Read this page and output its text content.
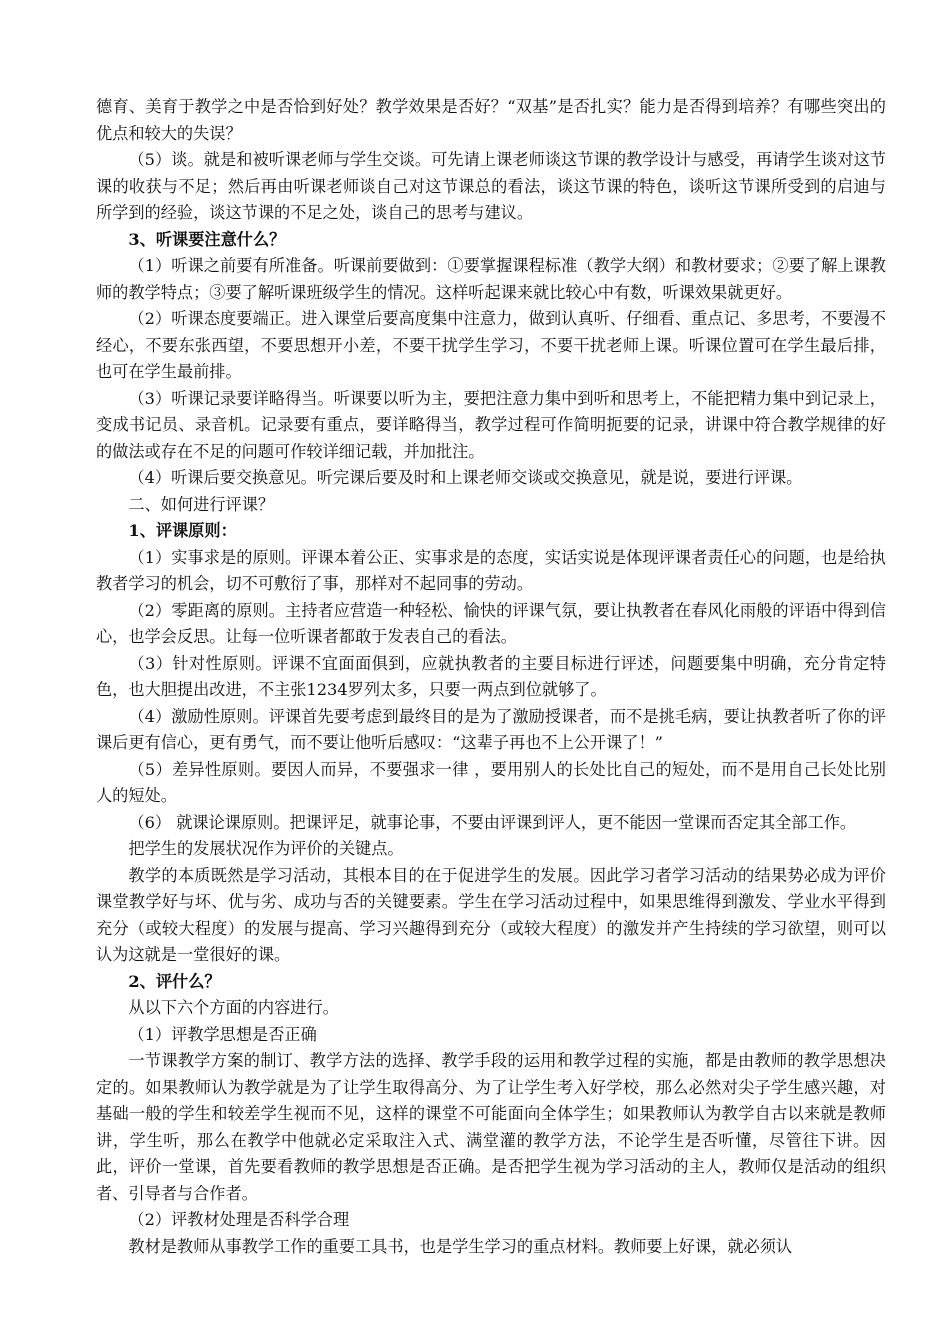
德育、美育于教学之中是否恰到好处？教学效果是否好？“双基”是否扎实？能力是否得到培养？有哪些突出的优点和较大的失误？

（5）谈。就是和被听课老师与学生交谈。可先请上课老师谈这节课的教学设计与感受，再请学生谈对这节课的收获与不足；然后再由听课老师谈自己对这节课总的看法，谈这节课的特色，谈听这节课所受到的启迪与所学到的经验，谈这节课的不足之处，谈自己的思考与建议。

3、听课要注意什么？

（1）听课之前要有所准备。听课前要做到：①要掌握课程标准（教学大纲）和教材要求；②要了解上课教师的教学特点；③要了解听课班级学生的情况。这样听起课来就比较心中有数，听课效果就更好。

（2）听课态度要端正。进入课堂后要高度集中注意力，做到认真听、仔细看、重点记、多思考，不要漫不经心，不要东张西望，不要思想开小差，不要干扰学生学习，不要干扰老师上课。听课位置可在学生最后排，也可在学生最前排。

（3）听课记录要详略得当。听课要以听为主，要把注意力集中到听和思考上，不能把精力集中到记录上，变成书记员、录音机。记录要有重点，要详略得当，教学过程可作简明扼要的记录，讲课中符合教学规律的好的做法或存在不足的问题可作较详细记载，并加批注。

（4）听课后要交换意见。听完课后要及时和上课老师交谈或交换意见，就是说，要进行评课。

二、如何进行评课？

1、评课原则：

（1）实事求是的原则。评课本着公正、实事求是的态度，实话实说是体现评课者责任心的问题，也是给执教者学习的机会，切不可敷衍了事，那样对不起同事的劳动。

（2）零距离的原则。主持者应营造一种轻松、愉快的评课气氛，要让执教者在春风化雨般的评语中得到信心，也学会反思。让每一位听课者都敢于发表自己的看法。

（3）针对性原则。评课不宜面面俱到，应就执教者的主要目标进行评述，问题要集中明确，充分肯定特色，也大胆提出改进，不主张1234罗列太多，只要一两点到位就够了。

（4）激励性原则。评课首先要考虑到最终目的是为了激励授课者，而不是挑毛病，要让执教者听了你的评课后更有信心，更有勇气，而不要让他听后感叹：“这辈子再也不上公开课了！”

（5）差异性原则。要因人而异，不要强求一律 ，要用别人的长处比自己的短处，而不是用自己长处比别人的短处。

（6） 就课论课原则。把课评足，就事论事，不要由评课到评人，更不能因一堂课而否定其全部工作。

把学生的发展状况作为评价的关键点。

教学的本质既然是学习活动，其根本目的在于促进学生的发展。因此学习者学习活动的结果势必成为评价课堂教学好与坏、优与劣、成功与否的关键要素。学生在学习活动过程中，如果思维得到激发、学业水平得到充分（或较大程度）的发展与提高、学习兴趣得到充分（或较大程度）的激发并产生持续的学习欲望，则可以认为这就是一堂很好的课。

2、评什么？

从以下六个方面的内容进行。

（1）评教学思想是否正确

一节课教学方案的制订、教学方法的选择、教学手段的运用和教学过程的实施，都是由教师的教学思想决定的。如果教师认为教学就是为了让学生取得高分、为了让学生考入好学校，那么必然对尖子学生感兴趣，对基础一般的学生和较差学生视而不见，这样的课堂不可能面向全体学生；如果教师认为教学自古以来就是教师讲，学生听，那么在教学中他就必定采取注入式、满堂灌的教学方法，不论学生是否听懂，尽管往下讲。因此，评价一堂课，首先要看教师的教学思想是否正确。是否把学生视为学习活动的主人，教师仅是活动的组织者、引导者与合作者。

（2）评教材处理是否科学合理

教材是教师从事教学工作的重要工具书，也是学生学习的重点材料。教师要上好课，就必须认
